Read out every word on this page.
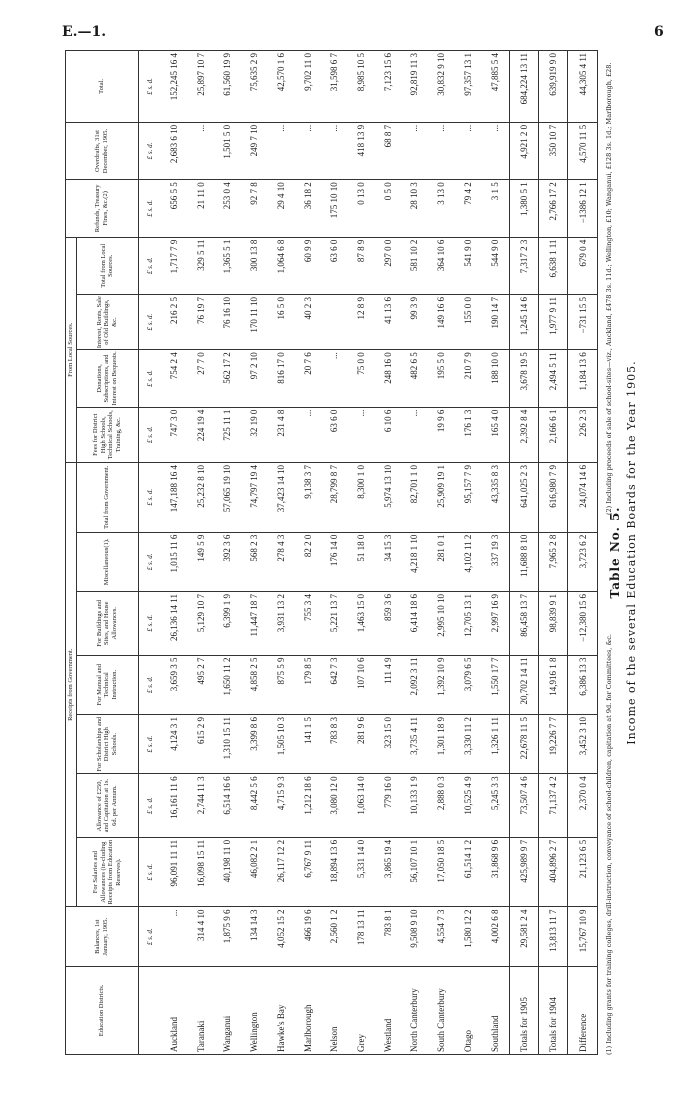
E.—1.	6
Table No. 5. Income of the several Education Boards for the Year 1905.
Education Districts.	Balances, 1st January, 1905.	Receipts from Government.							From Local Sources.				Refunds, Treasury Fines, &c.(2)	Overdrafts, 31st December, 1905.	Total.
		For Salaries and Allowances (in-cluding Receipts from Education Reserves).	Allowance of £250, and Capitation at 1s. 6d. per Annum.	For Scholarships and District High Schools.	For Manual and Technical Instruction.	For Buildings and Sites, and House Allowances.	Miscellaneous(1).	Total from Government.	Fees for District High Schools, Technical Schools, Training, &c.	Donations, Subscriptions, and Interest on Bequests.	Interest, Rents, Sale of Old Buildings, &c.	Total from Local Sources.			
	£ s. d.	£ s. d.	£ s. d.	£ s. d.	£ s. d.	£ s. d.	£ s. d.	£ s. d.	£ s. d.	£ s. d.	£ s. d.	£ s. d.	£ s. d.	£ s. d.	£ s. d.
Auckland	...	96,091 11 11	16,161 11 6	4,124 3 1	3,659 3 5	26,136 14 11	1,015 11 6	147,188 16 4	747 3 0	754 2 4	216 2 5	1,717 7 9	656 5 5	2,683 6 10	152,245 16 4
Taranaki	314 4 10	16,098 15 11	2,744 11 3	615 2 9	495 2 7	5,129 10 7	149 5 9	25,232 8 10	224 19 4	27 7 0	76 19 7	329 5 11	21 11 0	...	25,897 10 7
Wanganui	1,875 9 6	40,198 11 0	6,514 16 6	1,310 15 11	1,650 11 2	6,399 1 9	392 3 6	57,065 19 10	725 11 1	562 17 2	76 16 10	1,365 5 1	253 0 4	1,501 5 0	61,560 19 9
Wellington	134 14 3	46,082 2 1	8,442 5 6	3,399 8 6	4,858 2 5	11,447 18 7	568 2 3	74,797 19 4	32 19 0	97 2 10	170 11 10	300 13 8	92 7 8	249 7 10	75,635 2 9
Hawke's Bay	4,052 15 2	26,117 12 2	4,715 9 3	1,505 10 3	875 5 9	3,931 13 2	278 4 3	37,423 14 10	231 4 8	816 17 0	16 5 0	1,064 6 8	29 4 10	...	42,570 1 6
Marlborough	466 19 6	6,767 9 11	1,212 18 6	141 1 5	179 8 5	755 3 4	82 2 0	9,138 3 7	...	20 7 6	40 2 3	60 9 9	36 18 2	...	9,702 11 0
Nelson	2,560 1 2	18,894 13 6	3,080 12 0	783 8 3	642 7 3	5,221 13 7	176 14 0	28,799 8 7	63 6 0	...		63 6 0	175 10 10	...	31,598 6 7
Grey	178 13 11	5,331 14 0	1,063 14 0	281 9 6	107 10 6	1,463 15 0	51 18 0	8,300 1 0	...	75 0 0	12 8 9	87 8 9	0 13 0	418 13 9	8,985 10 5
Westland	783 8 1	3,865 19 4	779 16 0	323 15 0	111 4 9	859 3 6	34 15 3	5,974 13 10	6 10 6	248 16 0	41 13 6	297 0 0	0 5 0	68 8 7	7,123 15 6
North Canterbury	9,508 9 10	56,107 10 1	10,133 1 9	3,735 4 11	2,092 3 11	6,414 18 6	4,218 1 10	82,701 1 0	...	482 6 5	99 3 9	581 10 2	28 10 3	...	92,819 11 3
South Canterbury	4,554 7 3	17,050 18 5	2,888 0 3	1,301 18 9	1,392 10 9	2,995 10 10	281 0 1	25,909 19 1	19 9 6	195 5 0	149 16 6	364 10 6	3 13 0	...	30,832 9 10
Otago	1,580 12 2	61,514 1 2	10,525 4 9	3,330 11 2	3,079 6 5	12,705 13 1	4,102 11 2	95,157 7 9	176 1 3	210 7 9	155 0 0	541 9 0	79 4 2	...	97,357 13 1
Southland	4,002 6 8	31,868 9 6	5,245 3 3	1,326 1 11	1,550 17 7	2,997 16 9	337 19 3	43,335 8 3	165 4 0	188 10 0	190 14 7	544 9 0	3 1 5	...	47,885 5 4
Totals for 1905	29,581 2 4	425,989 9 7	73,507 4 6	22,678 11 5	20,702 14 11	86,458 13 7	11,688 8 10	641,025 2 3	2,392 8 4	3,678 19 5	1,245 14 6	7,317 2 3	1,380 5 1	4,921 2 0	684,224 13 11
Totals for 1904	13,813 11 7	404,896 2 7	71,137 4 2	19,226 7 7	14,916 1 8	98,839 9 1	7,965 2 8	616,980 7 9	2,166 6 1	2,494 5 11	1,977 9 11	6,638 1 11	2,766 17 2	350 10 7	639,919 9 0
Difference	15,767 10 9	21,123 6 5	2,370 0 4	3,452 3 10	6,386 13 3	−12,380 15 6	3,723 6 2	24,074 14 6	226 2 3	1,184 13 6	−731 15 5	679 0 4	−1386 12 1	4,570 11 5	44,305 4 11
(1) Including grants for training colleges, drill-instruction, conveyance of school-children, capitation at 9d. for Committees, &c.
(2) Including proceeds of sale of school-sites—viz., Auckland, £478 3s. 11d.; Wellington, £10; Wanganui, £128 3s. 1d.; Marlborough, £28.
